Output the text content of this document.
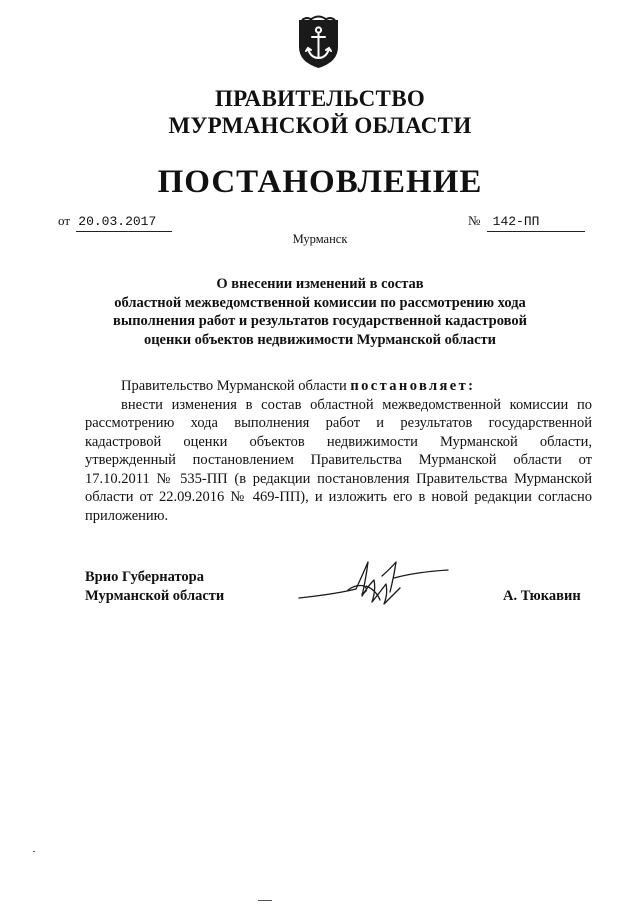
ПРАВИТЕЛЬСТВО
МУРМАНСКОЙ ОБЛАСТИ
ПОСТАНОВЛЕНИЕ
от 20.03.2017	№ 142-ПП
Мурманск
О внесении изменений в состав
областной межведомственной комиссии по рассмотрению хода
выполнения работ и результатов государственной кадастровой
оценки объектов недвижимости Мурманской области
Правительство Мурманской области постановляет:
внести изменения в состав областной межведомственной комиссии по рассмотрению хода выполнения работ и результатов государственной кадастровой оценки объектов недвижимости Мурманской области, утвержденный постановлением Правительства Мурманской области от 17.10.2011 № 535-ПП (в редакции постановления Правительства Мурманской области от 22.09.2016 № 469-ПП), и изложить его в новой редакции согласно приложению.
Врио Губернатора
Мурманской области	А. Тюкавин
